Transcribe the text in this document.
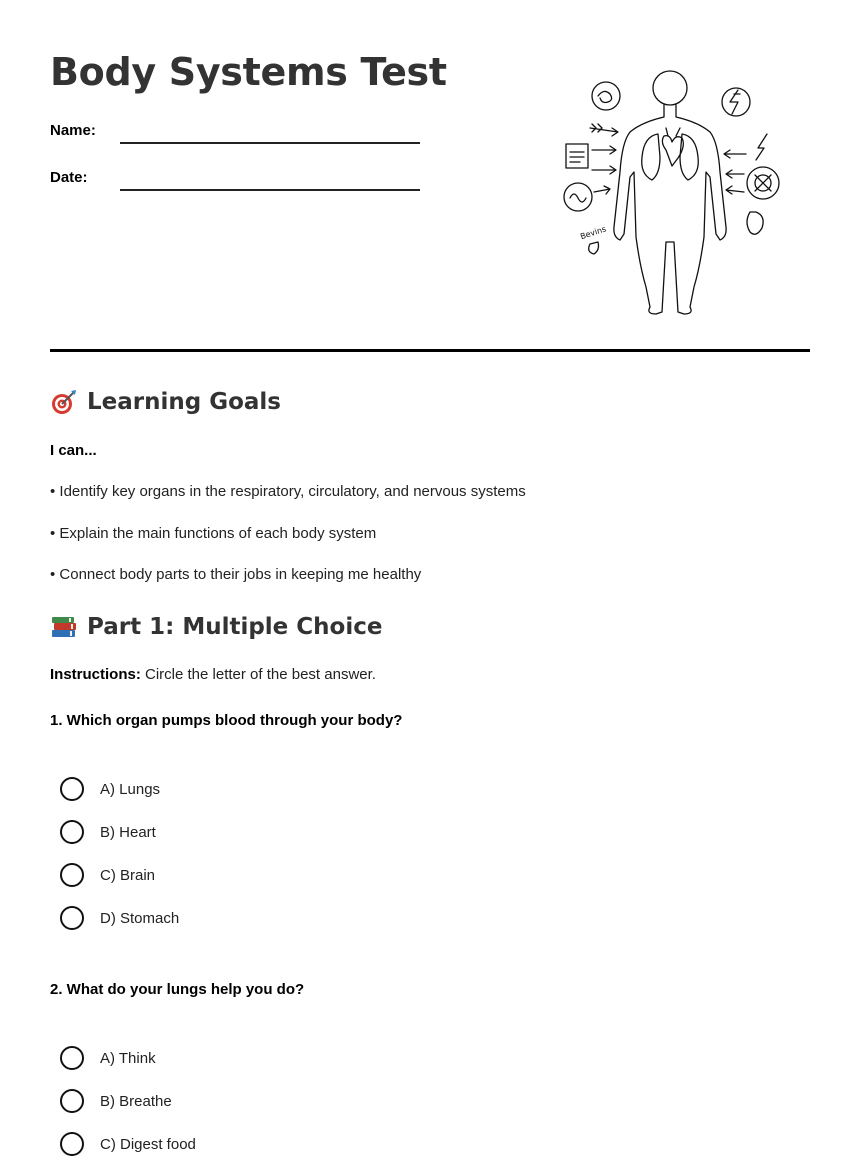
Body Systems Test
Name:
Date:
Bevins
Learning Goals
I can...
• Identify key organs in the respiratory, circulatory, and nervous systems
• Explain the main functions of each body system
• Connect body parts to their jobs in keeping me healthy
Part 1: Multiple Choice
Instructions: Circle the letter of the best answer.
1. Which organ pumps blood through your body?
A) Lungs
B) Heart
C) Brain
D) Stomach
2. What do your lungs help you do?
A) Think
B) Breathe
C) Digest food
